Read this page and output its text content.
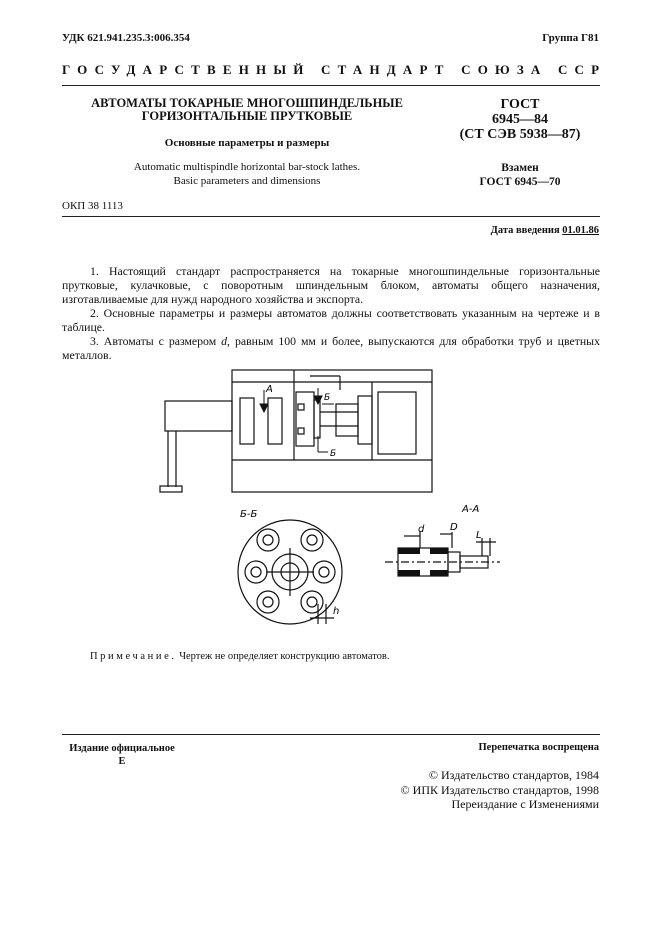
УДК 621.941.235.3:006.354	Группа Г81
ГОСУДАРСТВЕННЫЙ СТАНДАРТ СОЮЗА ССР
АВТОМАТЫ ТОКАРНЫЕ МНОГОШПИНДЕЛЬНЫЕ
ГОРИЗОНТАЛЬНЫЕ ПРУТКОВЫЕ
Основные параметры и размеры
Automatic multispindle horizontal bar-stock lathes.
Basic parameters and dimensions
ГОСТ
6945—84
(СТ СЭВ 5938—87)
Взамен
ГОСТ 6945—70
ОКП 38 1113
Дата введения 01.01.86

1. Настоящий стандарт распространяется на токарные многошпиндельные горизонтальные прутковые, кулачковые, с поворотным шпиндельным блоком, автоматы общего назначения, изготавливаемые для нужд народного хозяйства и экспорта.

2. Основные параметры и размеры автоматов должны соответствовать указанным на чертеже и в таблице.

3. Автоматы с размером d, равным 100 мм и более, выпускаются для обработки труб и цветных металлов.

А
Б
Б
Б-Б
h
А-А
d	D
L
Примечание. Чертеж не определяет конструкцию автоматов.
Издание официальное
Е
Перепечатка воспрещена
© Издательство стандартов, 1984
© ИПК Издательство стандартов, 1998
Переиздание с Изменениями
